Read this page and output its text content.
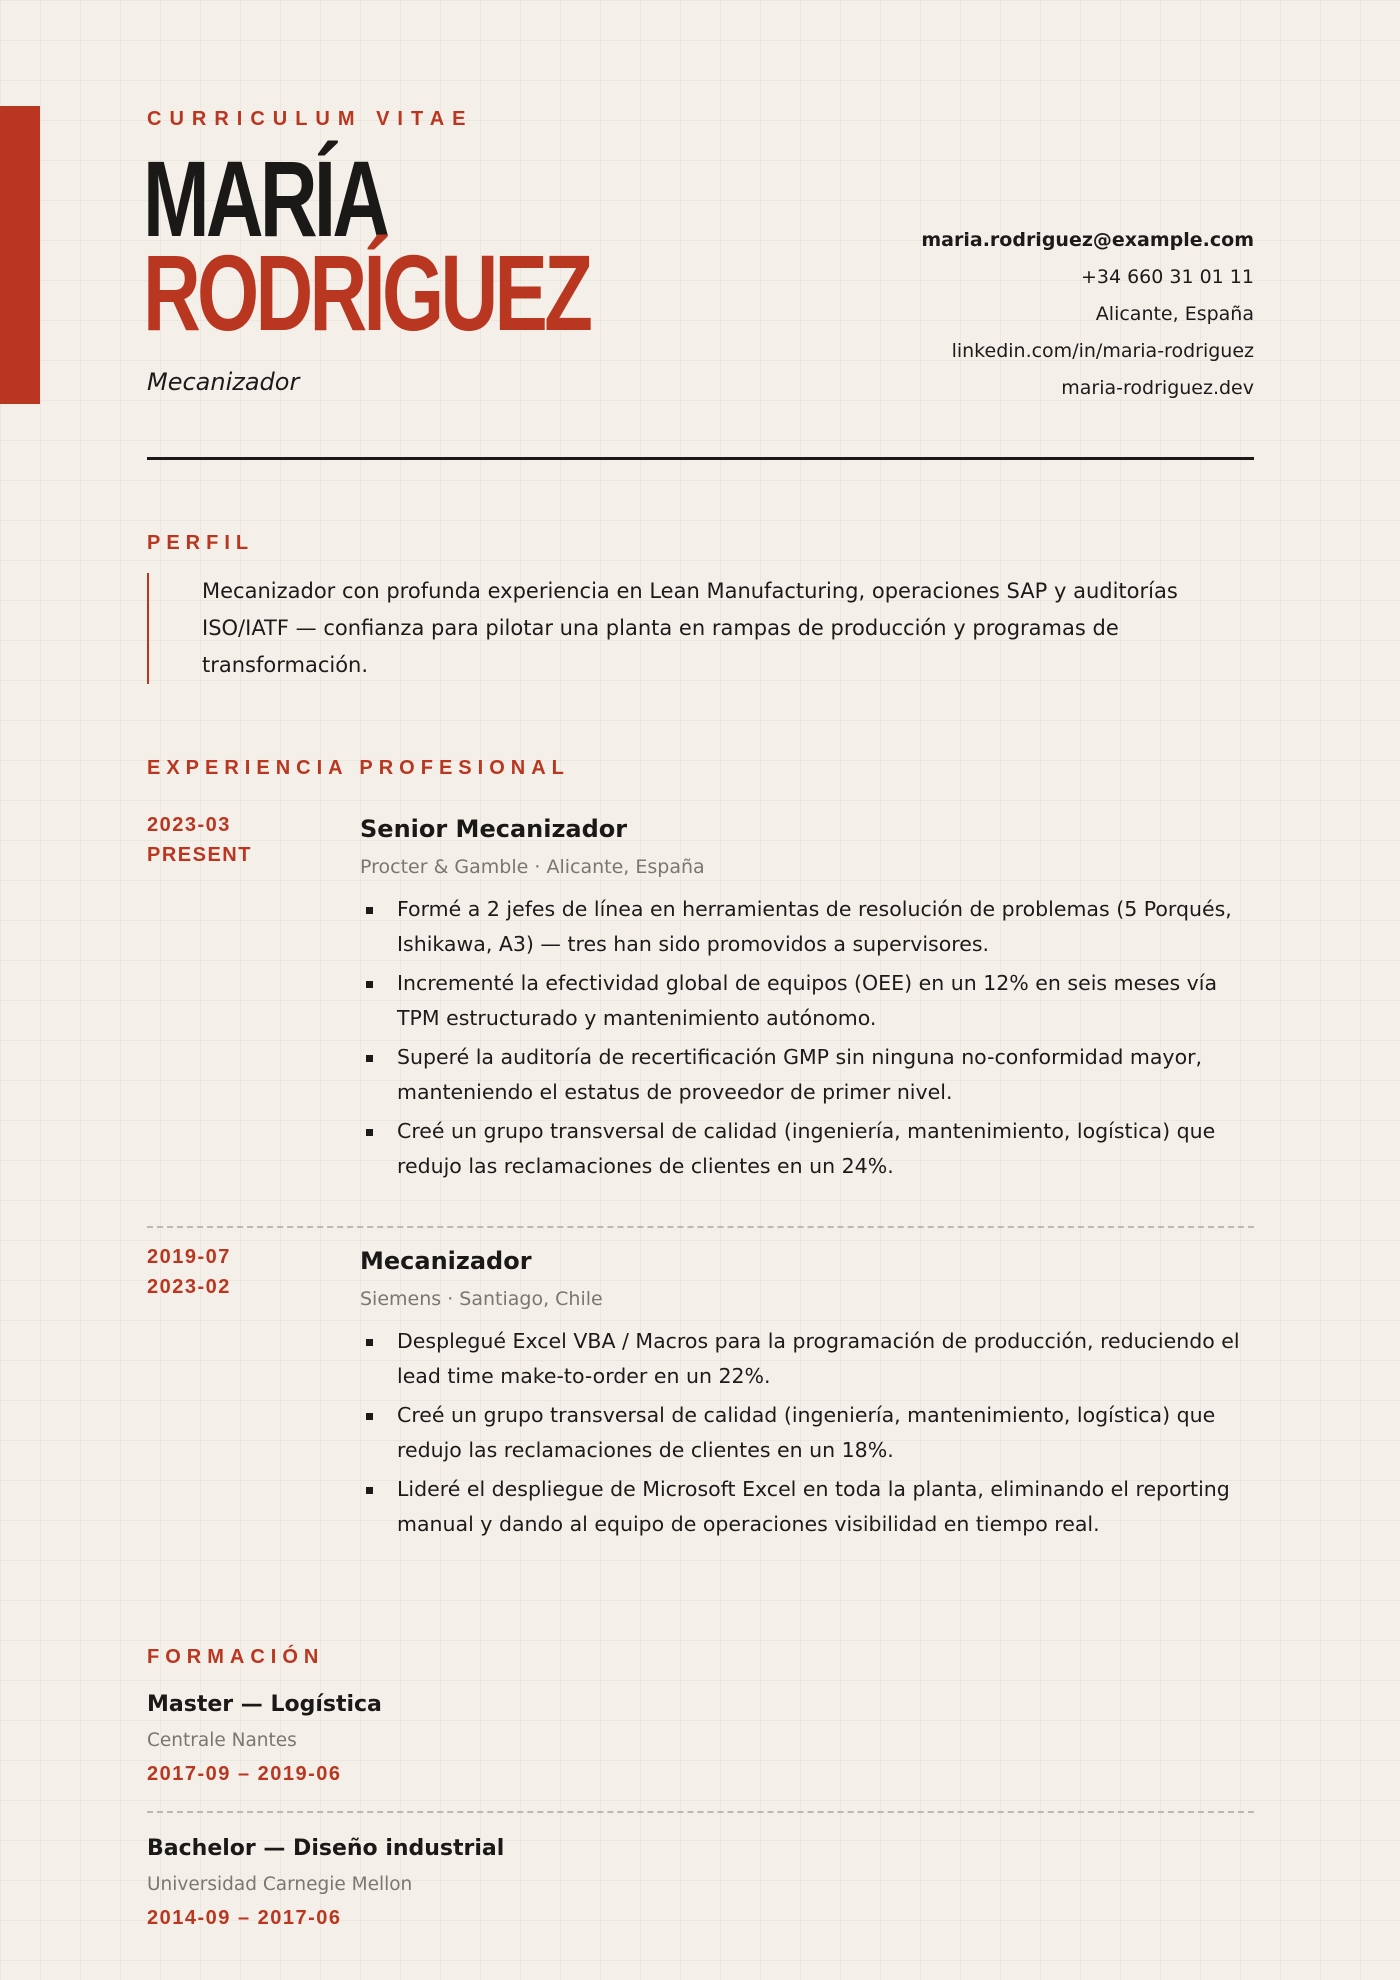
CURRICULUM VITAE
MARÍA
RODRÍGUEZ
Mecanizador
maria.rodriguez@example.com
+34 660 31 01 11
Alicante, España
linkedin.com/in/maria-rodriguez
maria-rodriguez.dev
PERFIL
Mecanizador con profunda experiencia en Lean Manufacturing, operaciones SAP y auditorías ISO/IATF — confianza para pilotar una planta en rampas de producción y programas de transformación.
EXPERIENCIA PROFESIONAL
2023-03
PRESENT
Senior Mecanizador
Procter & Gamble · Alicante, España
Formé a 2 jefes de línea en herramientas de resolución de problemas (5 Porqués, Ishikawa, A3) — tres han sido promovidos a supervisores.
Incrementé la efectividad global de equipos (OEE) en un 12% en seis meses vía TPM estructurado y mantenimiento autónomo.
Superé la auditoría de recertificación GMP sin ninguna no-conformidad mayor, manteniendo el estatus de proveedor de primer nivel.
Creé un grupo transversal de calidad (ingeniería, mantenimiento, logística) que redujo las reclamaciones de clientes en un 24%.
2019-07
2023-02
Mecanizador
Siemens · Santiago, Chile
Desplegué Excel VBA / Macros para la programación de producción, reduciendo el lead time make-to-order en un 22%.
Creé un grupo transversal de calidad (ingeniería, mantenimiento, logística) que redujo las reclamaciones de clientes en un 18%.
Lideré el despliegue de Microsoft Excel en toda la planta, eliminando el reporting manual y dando al equipo de operaciones visibilidad en tiempo real.
FORMACIÓN
Master — Logística
Centrale Nantes
2017-09 – 2019-06
Bachelor — Diseño industrial
Universidad Carnegie Mellon
2014-09 – 2017-06
